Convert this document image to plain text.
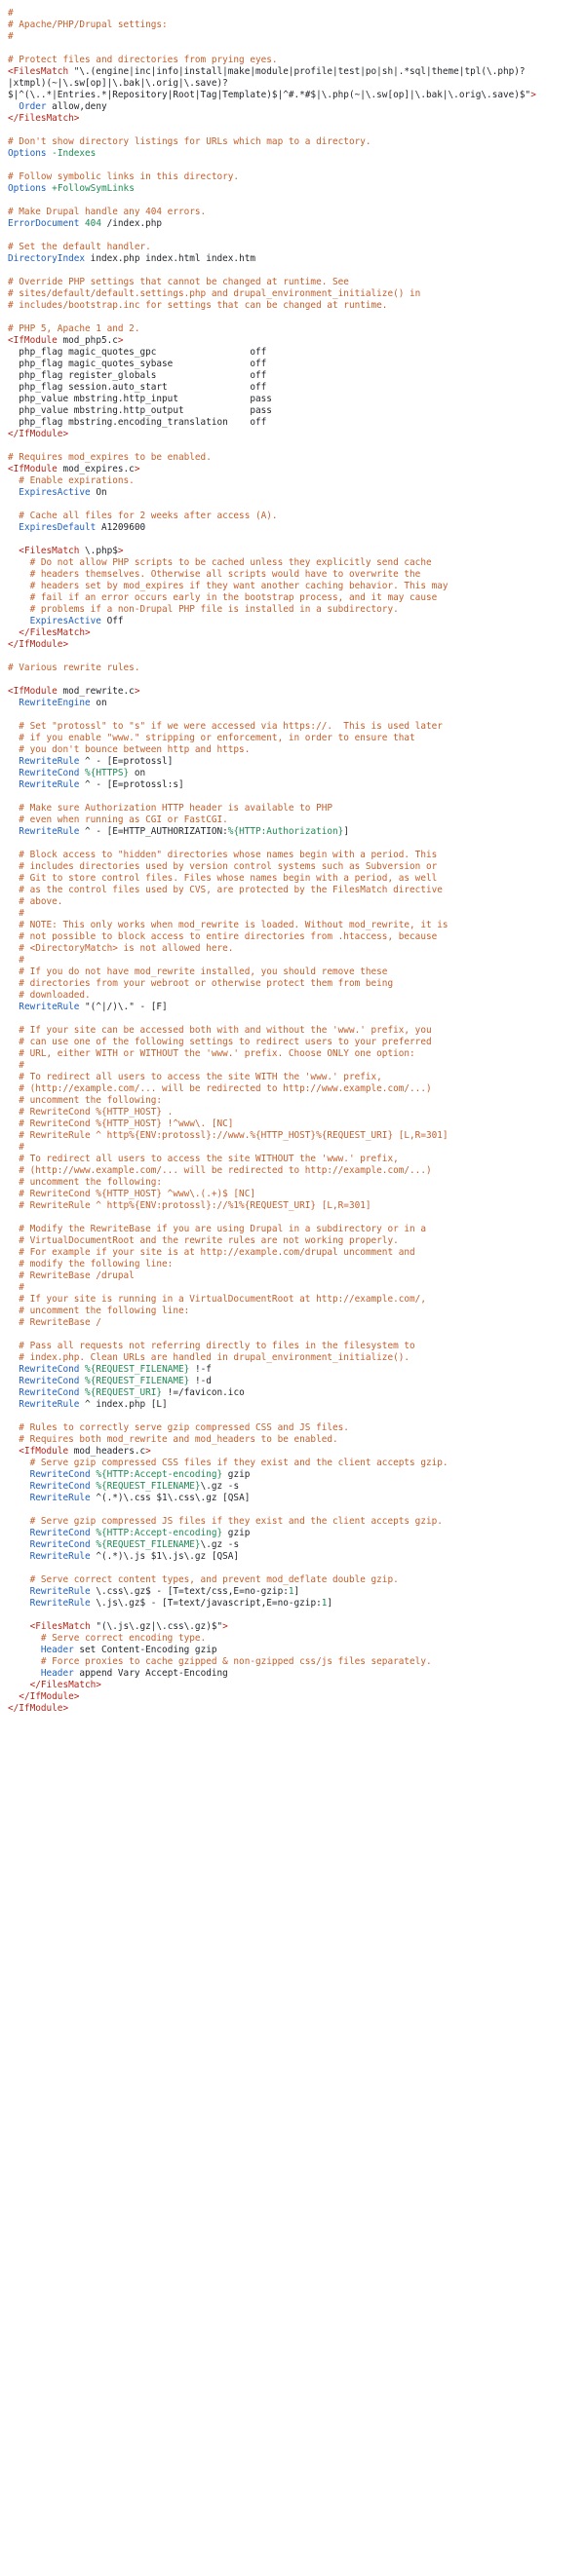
#
# Apache/PHP/Drupal settings:
#
# Protect files and directories from prying eyes.
<FilesMatch "\.(engine|inc|info|install|make|module|profile|test|po|sh|.*sql|theme|tpl(\.php)?
|xtmpl)(~|\.sw[op]|\.bak|\.orig|\.save)?
$|^(\..*|Entries.*|Repository|Root|Tag|Template)$|^#.*#$|\.php(~|\.sw[op]|\.bak|\.orig\.save)$">
Order allow,deny
</FilesMatch>
# Don't show directory listings for URLs which map to a directory.
Options -Indexes
# Follow symbolic links in this directory.
Options +FollowSymLinks
# Make Drupal handle any 404 errors.
ErrorDocument 404 /index.php
# Set the default handler.
DirectoryIndex index.php index.html index.htm
# Override PHP settings that cannot be changed at runtime. See
# sites/default/default.settings.php and drupal_environment_initialize() in
# includes/bootstrap.inc for settings that can be changed at runtime.
# PHP 5, Apache 1 and 2.
<IfModule mod_php5.c>
php_flag magic_quotes_gpc                 off
php_flag magic_quotes_sybase              off
php_flag register_globals                 off
php_flag session.auto_start               off
php_value mbstring.http_input             pass
php_value mbstring.http_output            pass
php_flag mbstring.encoding_translation    off
</IfModule>
# Requires mod_expires to be enabled.
<IfModule mod_expires.c>
# Enable expirations.
ExpiresActive On
# Cache all files for 2 weeks after access (A).
ExpiresDefault A1209600
<FilesMatch \.php$>
# Do not allow PHP scripts to be cached unless they explicitly send cache
# headers themselves. Otherwise all scripts would have to overwrite the
# headers set by mod_expires if they want another caching behavior. This may
# fail if an error occurs early in the bootstrap process, and it may cause
# problems if a non-Drupal PHP file is installed in a subdirectory.
ExpiresActive Off
</FilesMatch>
</IfModule>
# Various rewrite rules.
<IfModule mod_rewrite.c>
RewriteEngine on
# Set "protossl" to "s" if we were accessed via https://.  This is used later
# if you enable "www." stripping or enforcement, in order to ensure that
# you don't bounce between http and https.
RewriteRule ^ - [E=protossl]
RewriteCond %{HTTPS} on
RewriteRule ^ - [E=protossl:s]
# Make sure Authorization HTTP header is available to PHP
# even when running as CGI or FastCGI.
RewriteRule ^ - [E=HTTP_AUTHORIZATION:%{HTTP:Authorization}]
# Block access to "hidden" directories whose names begin with a period. This
# includes directories used by version control systems such as Subversion or
# Git to store control files. Files whose names begin with a period, as well
# as the control files used by CVS, are protected by the FilesMatch directive
# above.
#
# NOTE: This only works when mod_rewrite is loaded. Without mod_rewrite, it is
# not possible to block access to entire directories from .htaccess, because
# <DirectoryMatch> is not allowed here.
#
# If you do not have mod_rewrite installed, you should remove these
# directories from your webroot or otherwise protect them from being
# downloaded.
RewriteRule "(^|/)\." - [F]
# If your site can be accessed both with and without the 'www.' prefix, you
# can use one of the following settings to redirect users to your preferred
# URL, either WITH or WITHOUT the 'www.' prefix. Choose ONLY one option:
#
# To redirect all users to access the site WITH the 'www.' prefix,
# (http://example.com/... will be redirected to http://www.example.com/...)
# uncomment the following:
# RewriteCond %{HTTP_HOST} .
# RewriteCond %{HTTP_HOST} !^www\. [NC]
# RewriteRule ^ http%{ENV:protossl}://www.%{HTTP_HOST}%{REQUEST_URI} [L,R=301]
#
# To redirect all users to access the site WITHOUT the 'www.' prefix,
# (http://www.example.com/... will be redirected to http://example.com/...)
# uncomment the following:
# RewriteCond %{HTTP_HOST} ^www\.(.+)$ [NC]
# RewriteRule ^ http%{ENV:protossl}://%1%{REQUEST_URI} [L,R=301]
# Modify the RewriteBase if you are using Drupal in a subdirectory or in a
# VirtualDocumentRoot and the rewrite rules are not working properly.
# For example if your site is at http://example.com/drupal uncomment and
# modify the following line:
# RewriteBase /drupal
#
# If your site is running in a VirtualDocumentRoot at http://example.com/,
# uncomment the following line:
# RewriteBase /
# Pass all requests not referring directly to files in the filesystem to
# index.php. Clean URLs are handled in drupal_environment_initialize().
RewriteCond %{REQUEST_FILENAME} !-f
RewriteCond %{REQUEST_FILENAME} !-d
RewriteCond %{REQUEST_URI} !=/favicon.ico
RewriteRule ^ index.php [L]
# Rules to correctly serve gzip compressed CSS and JS files.
# Requires both mod_rewrite and mod_headers to be enabled.
<IfModule mod_headers.c>
# Serve gzip compressed CSS files if they exist and the client accepts gzip.
RewriteCond %{HTTP:Accept-encoding} gzip
RewriteCond %{REQUEST_FILENAME}\.gz -s
RewriteRule ^(.*)\.css $1\.css\.gz [QSA]
# Serve gzip compressed JS files if they exist and the client accepts gzip.
RewriteCond %{HTTP:Accept-encoding} gzip
RewriteCond %{REQUEST_FILENAME}\.gz -s
RewriteRule ^(.*)\.js $1\.js\.gz [QSA]
# Serve correct content types, and prevent mod_deflate double gzip.
RewriteRule \.css\.gz$ - [T=text/css,E=no-gzip:1]
RewriteRule \.js\.gz$ - [T=text/javascript,E=no-gzip:1]
<FilesMatch "(\.js\.gz|\.css\.gz)$">
# Serve correct encoding type.
Header set Content-Encoding gzip
# Force proxies to cache gzipped & non-gzipped css/js files separately.
Header append Vary Accept-Encoding
</FilesMatch>
</IfModule>
</IfModule>
